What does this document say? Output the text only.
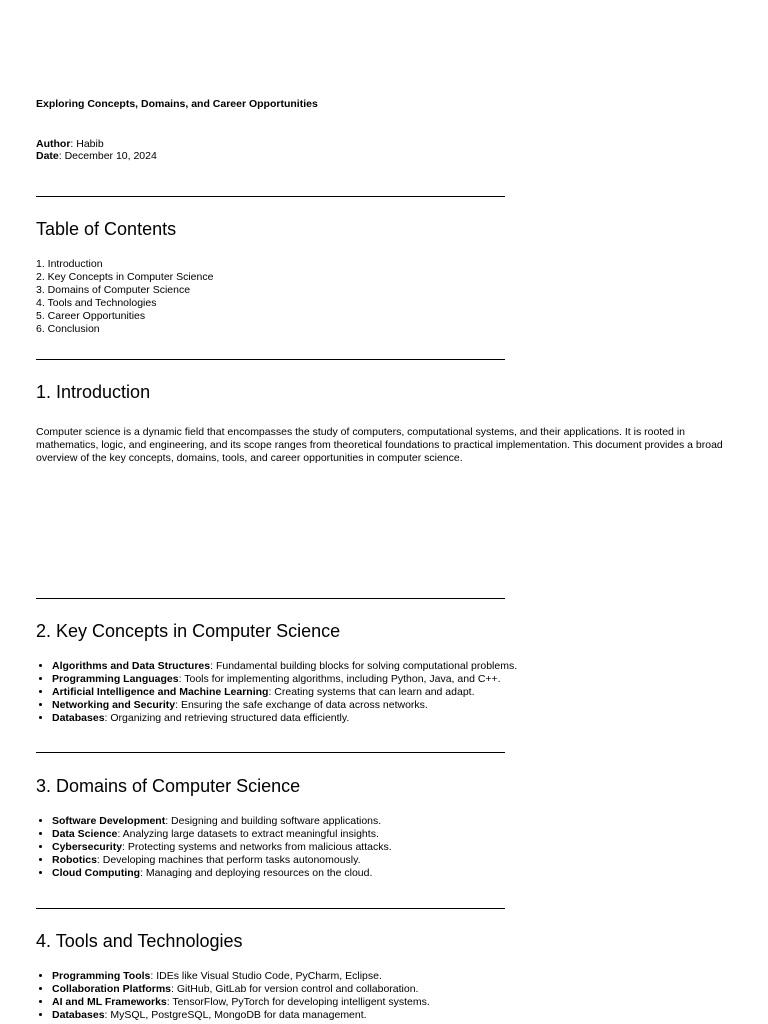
Exploring Concepts, Domains, and Career Opportunities
Author: Habib
Date: December 10, 2024
Table of Contents
1. Introduction
2. Key Concepts in Computer Science
3. Domains of Computer Science
4. Tools and Technologies
5. Career Opportunities
6. Conclusion
1. Introduction
Computer science is a dynamic field that encompasses the study of computers, computational systems, and their applications. It is rooted in mathematics, logic, and engineering, and its scope ranges from theoretical foundations to practical implementation. This document provides a broad overview of the key concepts, domains, tools, and career opportunities in computer science.
2. Key Concepts in Computer Science
• Algorithms and Data Structures: Fundamental building blocks for solving computational problems.
• Programming Languages: Tools for implementing algorithms, including Python, Java, and C++.
• Artificial Intelligence and Machine Learning: Creating systems that can learn and adapt.
• Networking and Security: Ensuring the safe exchange of data across networks.
• Databases: Organizing and retrieving structured data efficiently.
3. Domains of Computer Science
• Software Development: Designing and building software applications.
• Data Science: Analyzing large datasets to extract meaningful insights.
• Cybersecurity: Protecting systems and networks from malicious attacks.
• Robotics: Developing machines that perform tasks autonomously.
• Cloud Computing: Managing and deploying resources on the cloud.
4. Tools and Technologies
• Programming Tools: IDEs like Visual Studio Code, PyCharm, Eclipse.
• Collaboration Platforms: GitHub, GitLab for version control and collaboration.
• AI and ML Frameworks: TensorFlow, PyTorch for developing intelligent systems.
• Databases: MySQL, PostgreSQL, MongoDB for data management.
